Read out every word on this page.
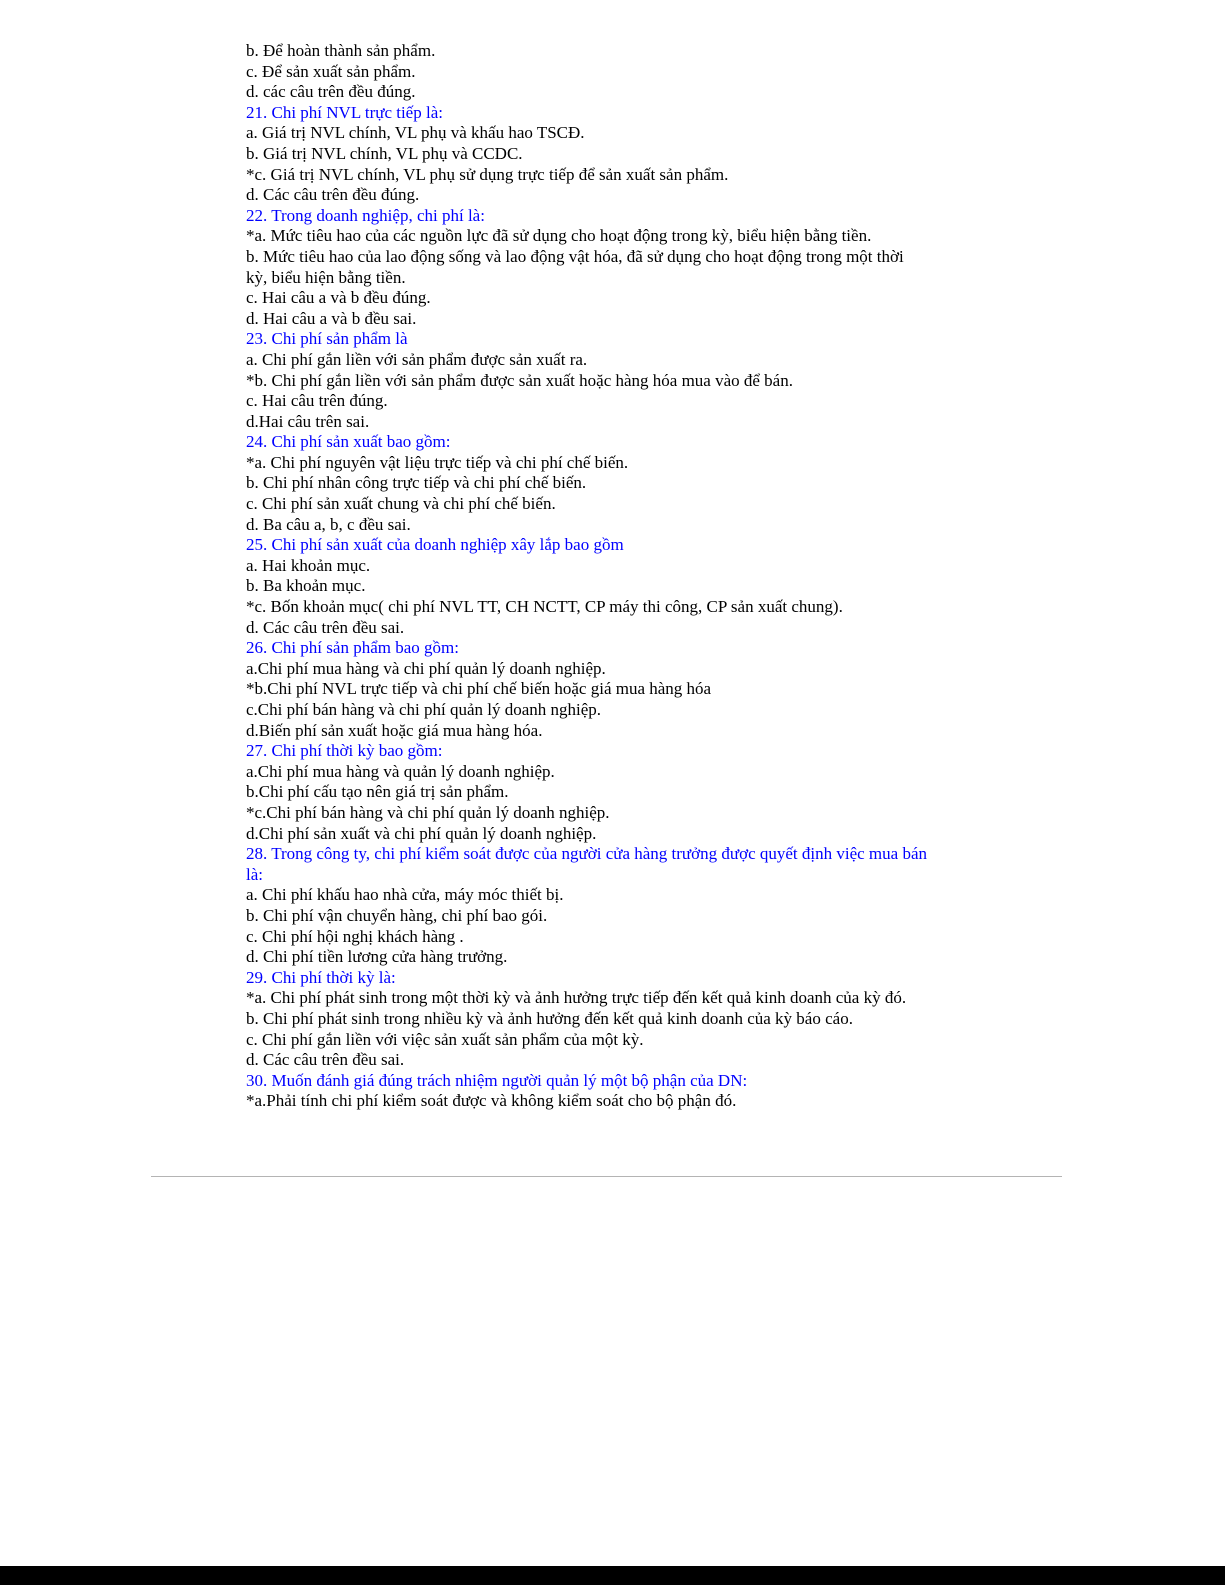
b. Để hoàn thành sản phẩm.
c. Để sản xuất sản phẩm.
d. các câu trên đều đúng.
21. Chi phí NVL trực tiếp là:
a. Giá trị NVL chính, VL phụ và khấu hao TSCĐ.
b. Giá trị NVL chính, VL phụ và CCDC.
*c. Giá trị NVL chính, VL phụ sử dụng trực tiếp để sản xuất sản phẩm.
d. Các câu trên đều đúng.
22. Trong doanh nghiệp, chi phí là:
*a. Mức tiêu hao của các nguồn lực đã sử dụng cho hoạt động trong kỳ, biểu hiện bằng tiền.
b. Mức tiêu hao của lao động sống và lao động vật hóa, đã sử dụng cho hoạt động trong một thời
kỳ, biểu hiện bằng tiền.
c. Hai câu a và b đều đúng.
d. Hai câu a và b đều sai.
23. Chi phí sản phẩm là
a. Chi phí gắn liền với sản phẩm được sản xuất ra.
*b. Chi phí gắn liền với sản phẩm được sản xuất hoặc hàng hóa mua vào để bán.
c. Hai câu trên đúng.
d.Hai câu trên sai.
24. Chi phí sản xuất bao gồm:
*a. Chi phí nguyên vật liệu trực tiếp và chi phí chế biến.
b. Chi phí nhân công trực tiếp và chi phí chế biến.
c. Chi phí sản xuất chung và chi phí chế biến.
d. Ba câu a, b, c đều sai.
25. Chi phí sản xuất của doanh nghiệp xây lắp bao gồm
a. Hai khoản mục.
b. Ba khoản mục.
*c. Bốn khoản mục( chi phí NVL TT, CH NCTT, CP máy thi công, CP sản xuất chung).
d. Các câu trên đều sai.
26. Chi phí sản phẩm bao gồm:
a.Chi phí mua hàng và chi phí quản lý doanh nghiệp.
*b.Chi phí NVL trực tiếp và chi phí chế biến hoặc giá mua hàng hóa
c.Chi phí bán hàng và chi phí quản lý doanh nghiệp.
d.Biến phí sản xuất hoặc giá mua hàng hóa.
27. Chi phí thời kỳ bao gồm:
a.Chi phí mua hàng và quản lý doanh nghiệp.
b.Chi phí cấu tạo nên giá trị sản phẩm.
*c.Chi phí bán hàng và chi phí quản lý doanh nghiệp.
d.Chi phí sản xuất và chi phí quản lý doanh nghiệp.
28. Trong công ty, chi phí kiểm soát được của người cửa hàng trưởng được quyết định việc mua bán
là:
a. Chi phí khấu hao nhà cửa, máy móc thiết bị.
b. Chi phí vận chuyển hàng, chi phí bao gói.
c. Chi phí hội nghị khách hàng .
d. Chi phí tiền lương cửa hàng trưởng.
29. Chi phí thời kỳ là:
*a. Chi phí phát sinh trong một thời kỳ và ảnh hưởng trực tiếp đến kết quả kinh doanh của kỳ đó.
b. Chi phí phát sinh trong nhiều kỳ và ảnh hưởng đến kết quả kinh doanh của kỳ báo cáo.
c. Chi phí gắn liền với việc sản xuất sản phẩm của một kỳ.
d. Các câu trên đều sai.
30. Muốn đánh giá đúng trách nhiệm người quản lý một bộ phận của DN:
*a.Phải tính chi phí kiểm soát được và không kiểm soát cho bộ phận đó.
